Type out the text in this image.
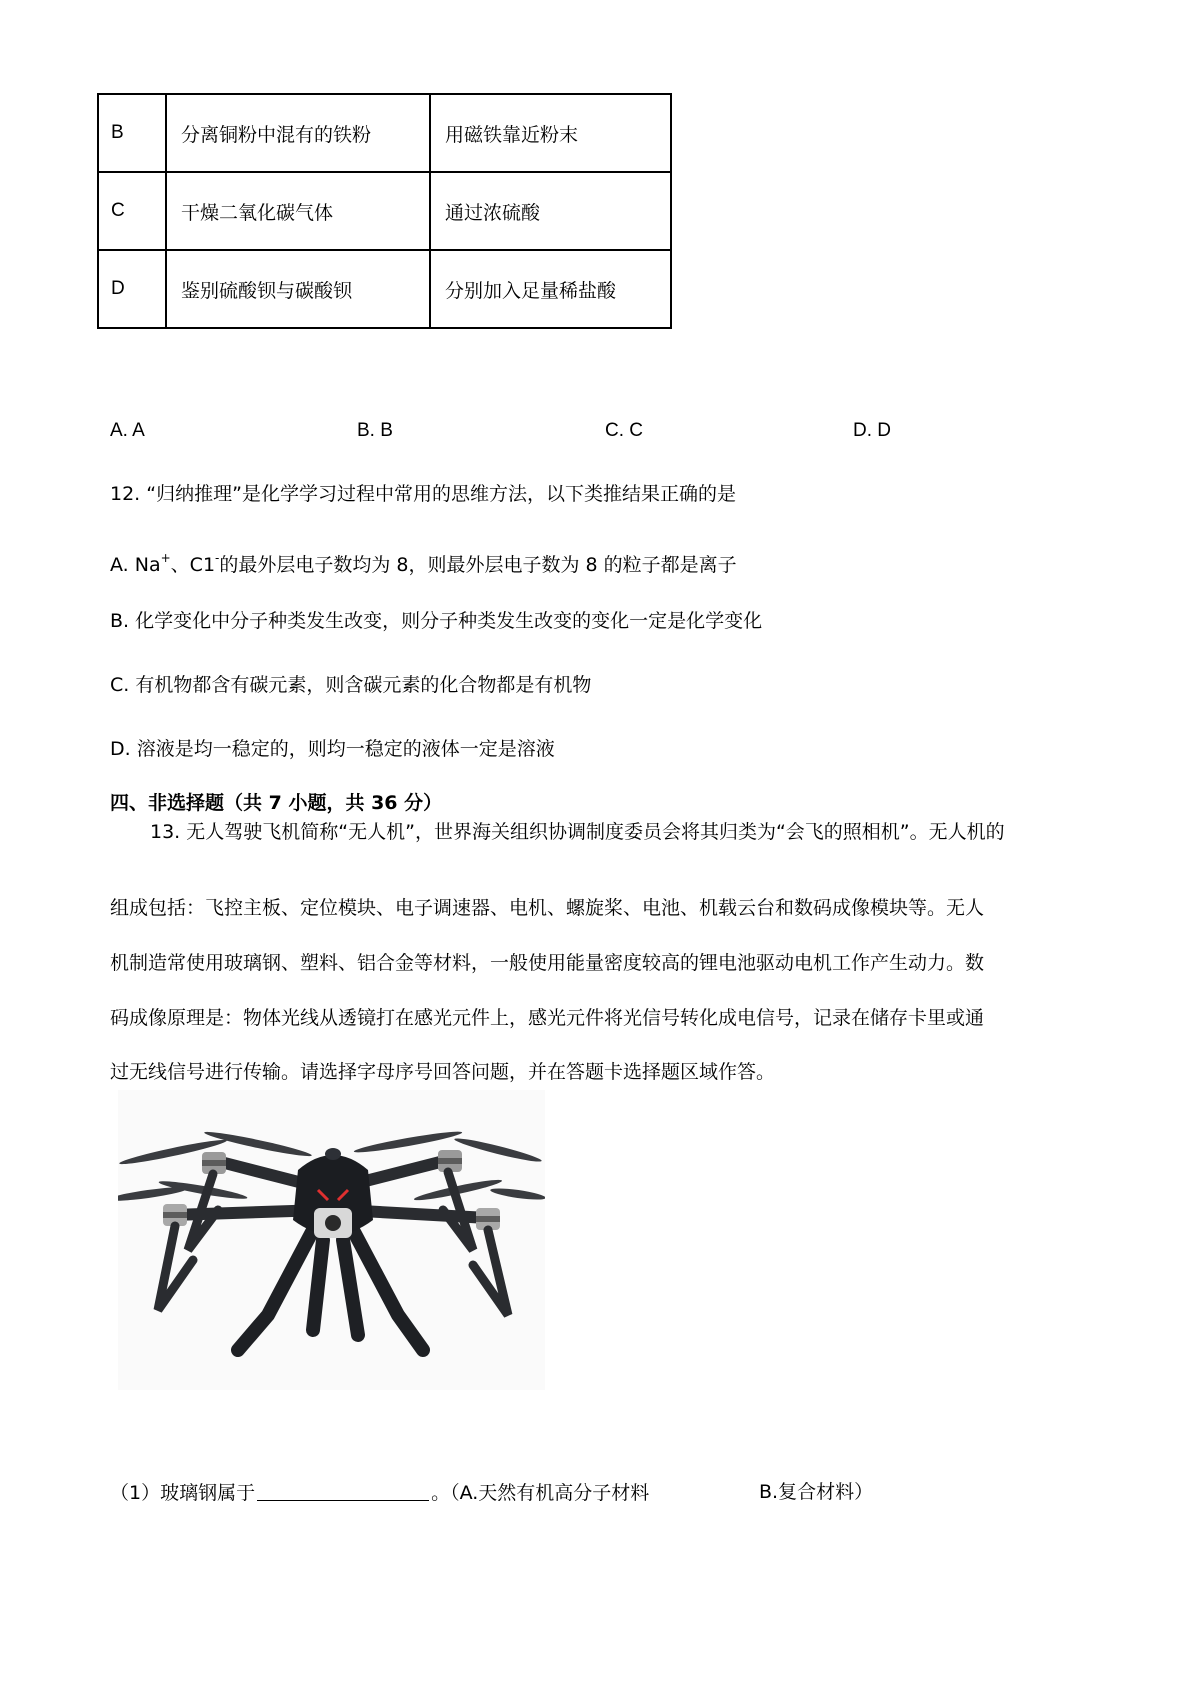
B	分离铜粉中混有的铁粉	用磁铁靠近粉末
C	干燥二氧化碳气体	通过浓硫酸
D	鉴别硫酸钡与碳酸钡	分别加入足量稀盐酸
A. A	B. B	C. C	D. D
12. “归纳推理”是化学学习过程中常用的思维方法，以下类推结果正确的是
A. Na+、C1-的最外层电子数均为 8，则最外层电子数为 8 的粒子都是离子
B. 化学变化中分子种类发生改变，则分子种类发生改变的变化一定是化学变化
C. 有机物都含有碳元素，则含碳元素的化合物都是有机物
D. 溶液是均一稳定的，则均一稳定的液体一定是溶液
四、非选择题（共 7 小题，共 36 分）
13. 无人驾驶飞机简称“无人机”，世界海关组织协调制度委员会将其归类为“会飞的照相机”。无人机的
组成包括：飞控主板、定位模块、电子调速器、电机、螺旋桨、电池、机载云台和数码成像模块等。无人
机制造常使用玻璃钢、塑料、铝合金等材料，一般使用能量密度较高的锂电池驱动电机工作产生动力。数
码成像原理是：物体光线从透镜打在感光元件上，感光元件将光信号转化成电信号，记录在储存卡里或通
过无线信号进行传输。请选择字母序号回答问题，并在答题卡选择题区域作答。
（1）玻璃钢属于	。（A.天然有机高分子材料	B.复合材料）
